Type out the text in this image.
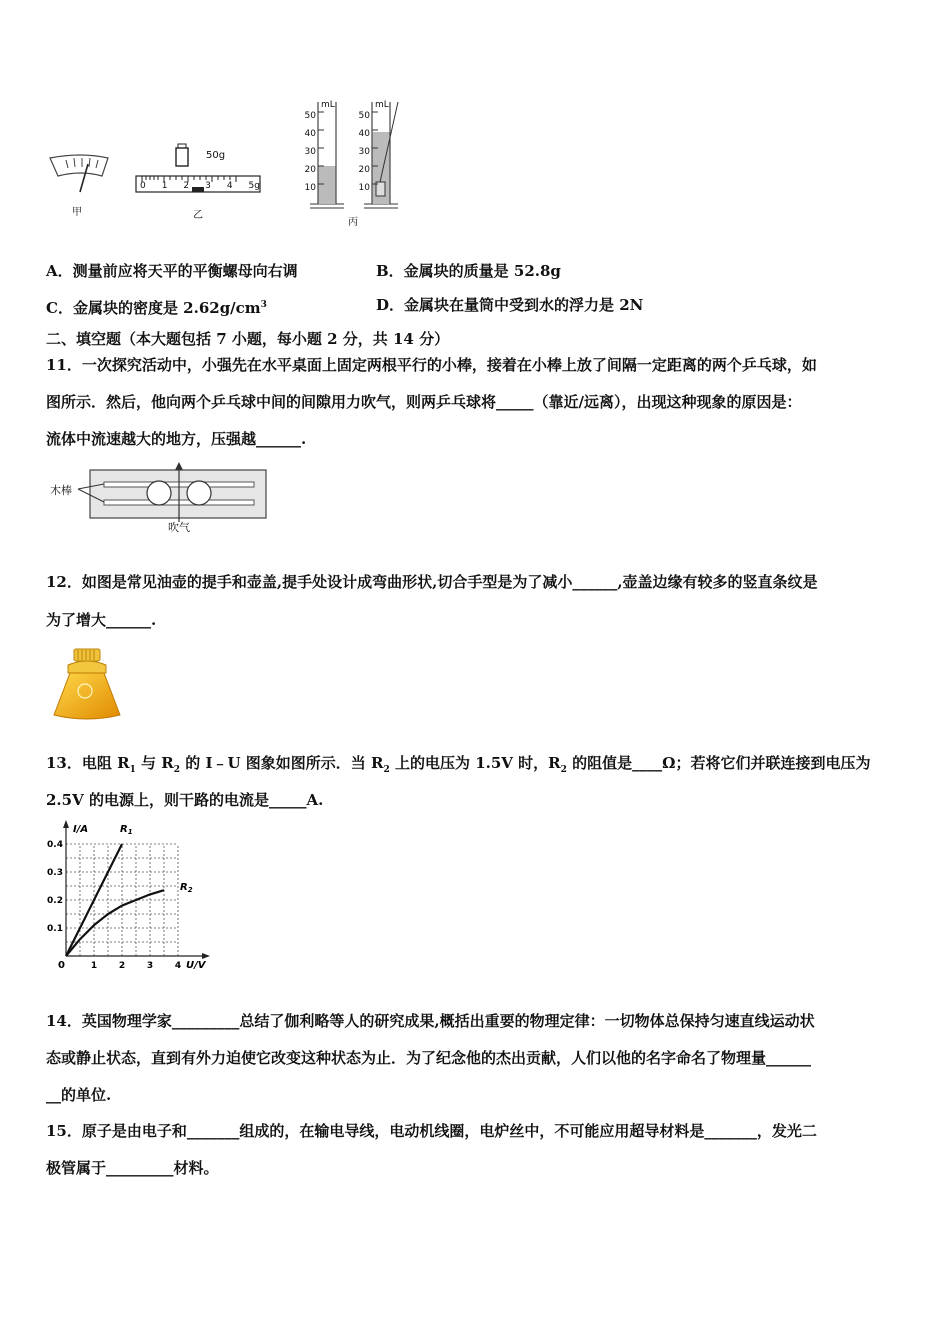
甲
50g
0 1 2 3 4 5g
乙
mL	mL
50
40
30
20
10
50
40
30
20
10
丙
A．测量前应将天平的平衡螺母向右调	B．金属块的质量是 52.8g
C．金属块的密度是 $2.62g/cm^3$	D．金属块在量筒中受到水的浮力是 2N
二、填空题（本大题包括 7 小题，每小题 2 分，共 14 分）
11．一次探究活动中，小强先在水平桌面上固定两根平行的小棒，接着在小棒上放了间隔一定距离的两个乒乓球，如
图所示．然后，他向两个乒乓球中间的间隙用力吹气，则两乒乓球将_____（靠近/远离），出现这种现象的原因是：
流体中流速越大的地方，压强越______.
木棒
吹气
12．如图是常见油壶的提手和壶盖,提手处设计成弯曲形状,切合手型是为了减小______,壶盖边缘有较多的竖直条纹是
为了增大______.
13．电阻 $R_1$ 与 $R_2$ 的 I﹣U 图象如图所示．当 $R_2$ 上的电压为 1.5V 时，$R_2$ 的阻值是____Ω；若将它们并联连接到电压为
2.5V 的电源上，则干路的电流是_____A.
I/A
U/V
0
0.4
0.3
0.2
0.1
1 2 3 4
$R_1$
$R_2$
14．英国物理学家_________总结了伽利略等人的研究成果,概括出重要的物理定律：一切物体总保持匀速直线运动状
态或静止状态，直到有外力迫使它改变这种状态为止．为了纪念他的杰出贡献，人们以他的名字命名了物理量______
__的单位.
15．原子是由电子和_______组成的，在输电导线，电动机线圈，电炉丝中，不可能应用超导材料是_______，发光二
极管属于_________材料。
